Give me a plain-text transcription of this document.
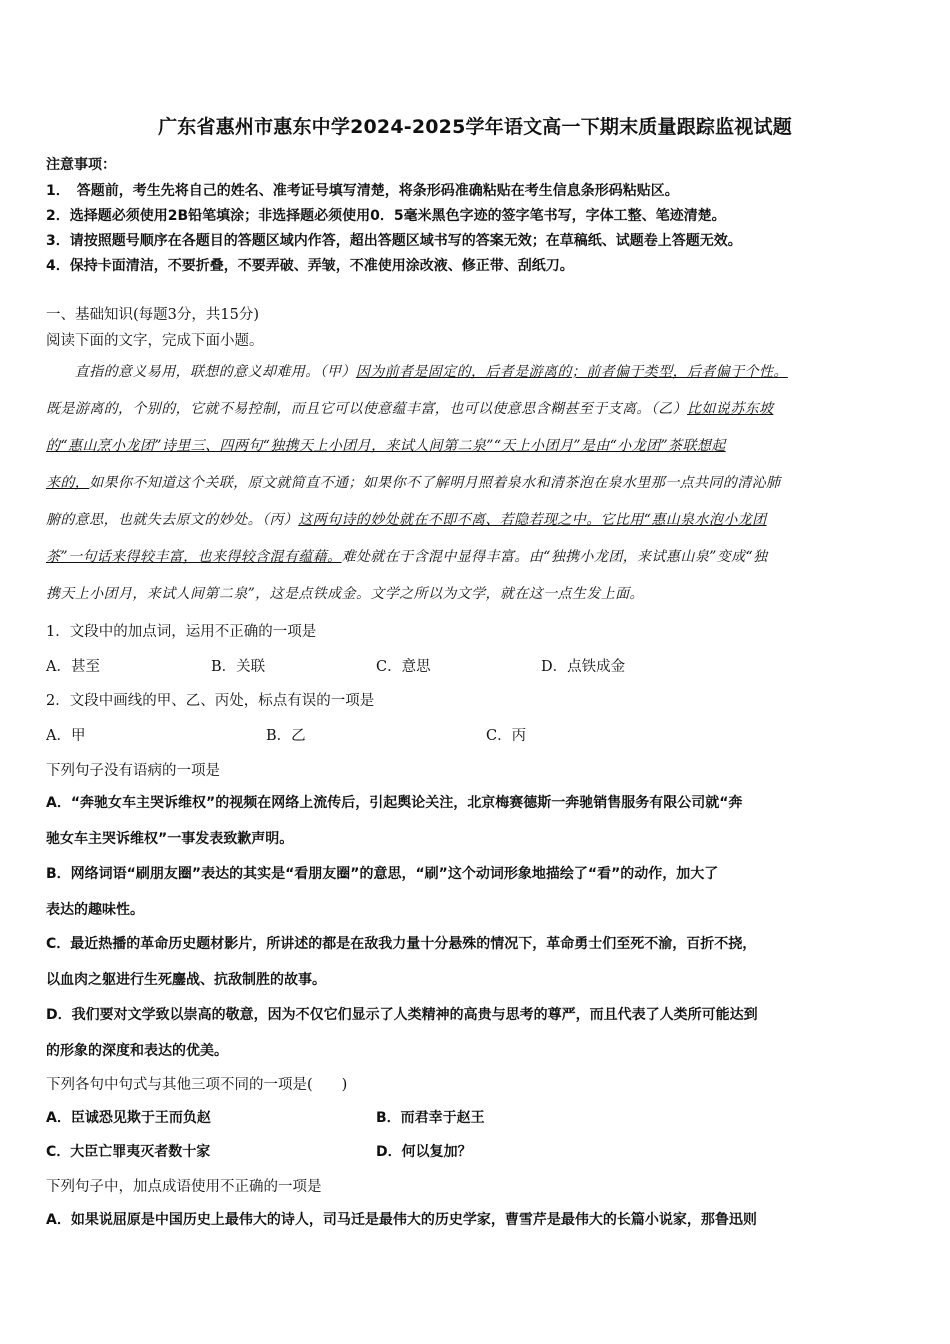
广东省惠州市惠东中学2024-2025学年语文高一下期末质量跟踪监视试题
注意事项：
1．　答题前，考生先将自己的姓名、准考证号填写清楚，将条形码准确粘贴在考生信息条形码粘贴区。
2．选择题必须使用2B铅笔填涂；非选择题必须使用0．5毫米黑色字迹的签字笔书写，字体工整、笔迹清楚。
3．请按照题号顺序在各题目的答题区域内作答，超出答题区域书写的答案无效；在草稿纸、试题卷上答题无效。
4．保持卡面清洁，不要折叠，不要弄破、弄皱，不准使用涂改液、修正带、刮纸刀。
一、基础知识(每题3分，共15分)
阅读下面的文字，完成下面小题。
　　直指的意义易用，联想的意义却难用。（甲）因为前者是固定的，后者是游离的；前者偏于类型，后者偏于个性。
既是游离的，个别的，它就不易控制，而且它可以使意蕴丰富，也可以使意思含糊甚至于支离。（乙）比如说苏东坡
的“惠山烹小龙团”诗里三、四两句“独携天上小团月，来试人间第二泉”“天上小团月”是由“小龙团”茶联想起
来的，如果你不知道这个关联，原文就简直不通；如果你不了解明月照着泉水和清茶泡在泉水里那一点共同的清沁肺
腑的意思，也就失去原文的妙处。（丙）这两句诗的妙处就在不即不离、若隐若现之中。它比用“惠山泉水泡小龙团
茶”一句话来得较丰富，也来得较含混有蕴藉。难处就在于含混中显得丰富。由“独携小龙团，来试惠山泉”变成“独
携天上小团月，来试人间第二泉”，这是点铁成金。文学之所以为文学，就在这一点生发上面。
1．文段中的加点词，运用不正确的一项是
A．甚至	B．关联	C．意思	D．点铁成金
2．文段中画线的甲、乙、丙处，标点有误的一项是
A．甲	B．乙	C．丙
下列句子没有语病的一项是
A．“奔驰女车主哭诉维权”的视频在网络上流传后，引起舆论关注，北京梅赛德斯一奔驰销售服务有限公司就“奔
驰女车主哭诉维权”一事发表致歉声明。
B．网络词语“刷朋友圈”表达的其实是“看朋友圈”的意思，“刷”这个动词形象地描绘了“看”的动作，加大了
表达的趣味性。
C．最近热播的革命历史题材影片，所讲述的都是在敌我力量十分悬殊的情况下，革命勇士们至死不渝，百折不挠，
以血肉之躯进行生死鏖战、抗敌制胜的故事。
D．我们要对文学致以崇高的敬意，因为不仅它们显示了人类精神的高贵与思考的尊严，而且代表了人类所可能达到
的形象的深度和表达的优美。
下列各句中句式与其他三项不同的一项是(　　)
A．臣诚恐见欺于王而负赵	B．而君幸于赵王
C．大臣亡罪夷灭者数十家	D．何以复加？
下列句子中，加点成语使用不正确的一项是
A．如果说屈原是中国历史上最伟大的诗人，司马迁是最伟大的历史学家，曹雪芹是最伟大的长篇小说家，那鲁迅则
